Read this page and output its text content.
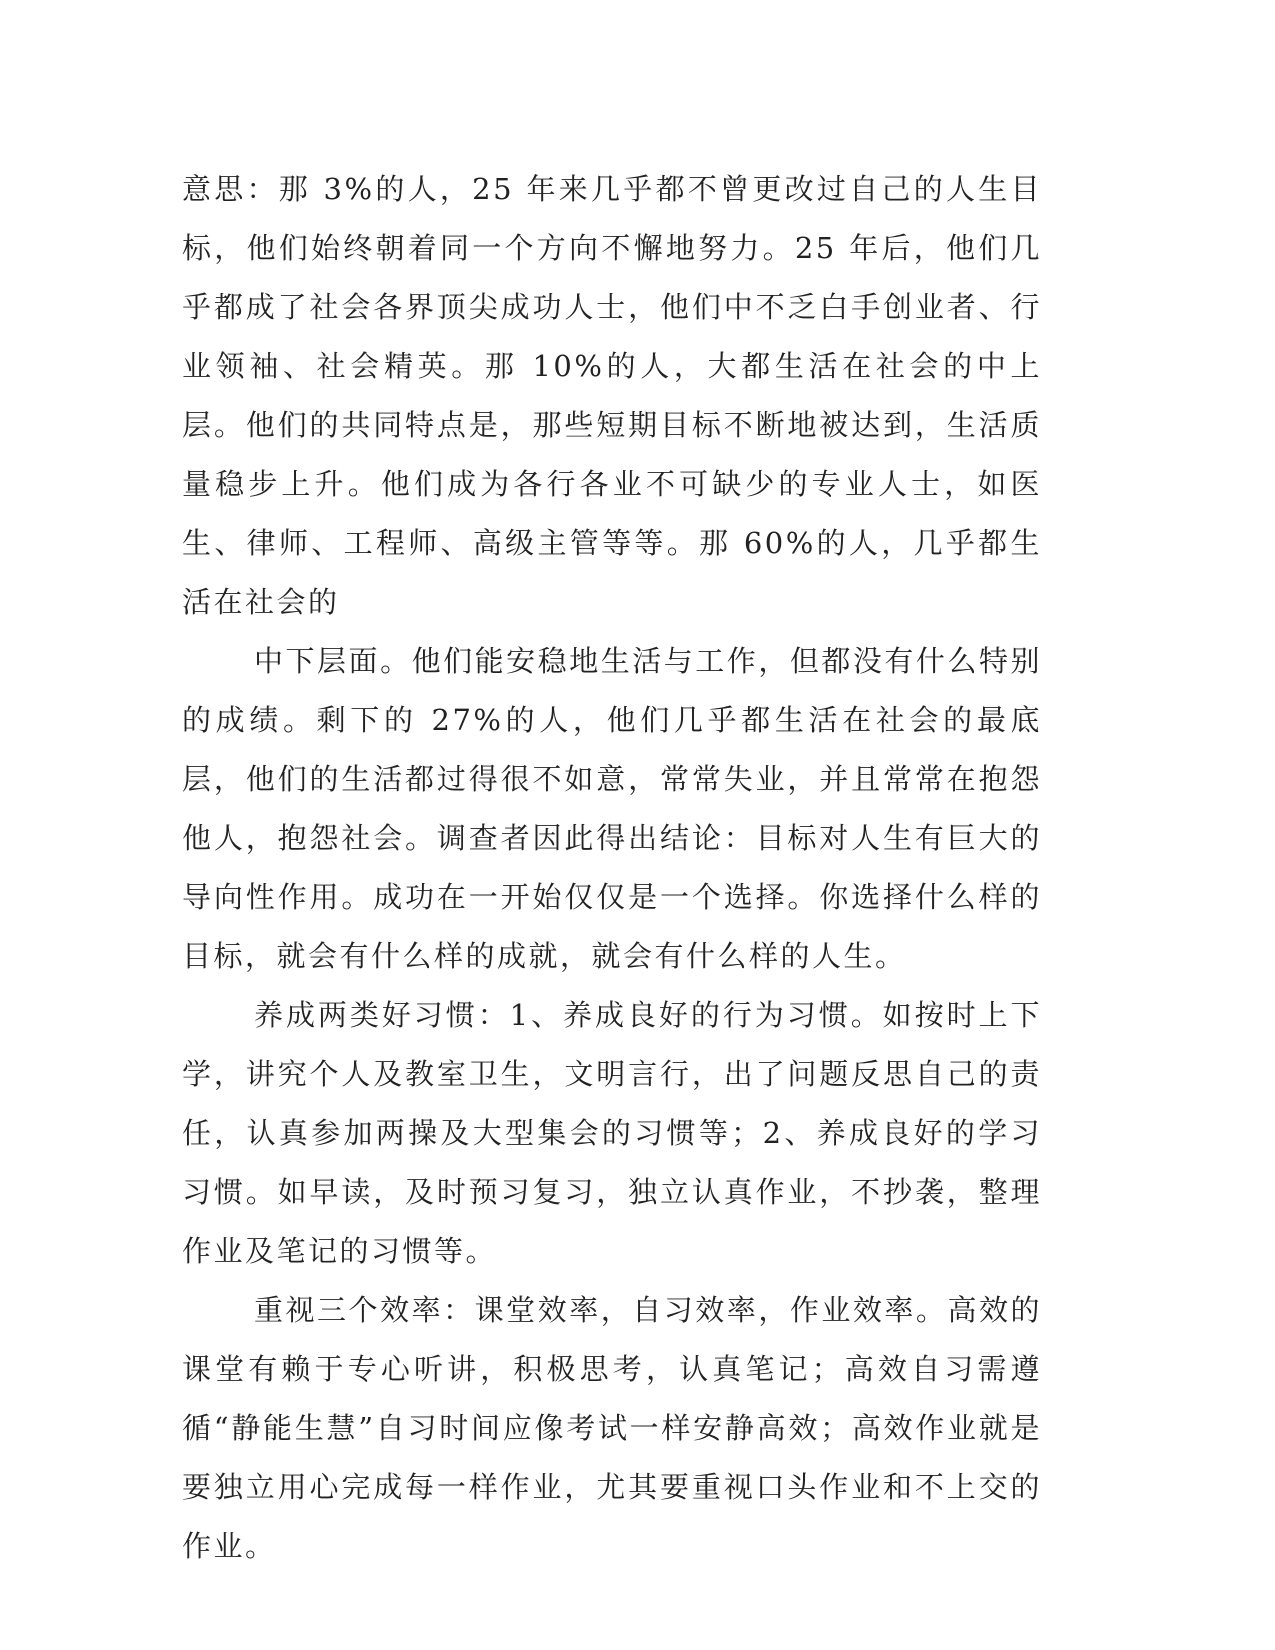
意思：那 3%的人，25 年来几乎都不曾更改过自己的人生目标，他们始终朝着同一个方向不懈地努力。25 年后，他们几乎都成了社会各界顶尖成功人士，他们中不乏白手创业者、行业领袖、社会精英。那 10%的人，大都生活在社会的中上层。他们的共同特点是，那些短期目标不断地被达到，生活质量稳步上升。他们成为各行各业不可缺少的专业人士，如医生、律师、工程师、高级主管等等。那 60%的人，几乎都生活在社会的

中下层面。他们能安稳地生活与工作，但都没有什么特别的成绩。剩下的 27%的人，他们几乎都生活在社会的最底层，他们的生活都过得很不如意，常常失业，并且常常在抱怨他人，抱怨社会。调查者因此得出结论：目标对人生有巨大的导向性作用。成功在一开始仅仅是一个选择。你选择什么样的目标，就会有什么样的成就，就会有什么样的人生。

养成两类好习惯：1、养成良好的行为习惯。如按时上下学，讲究个人及教室卫生，文明言行，出了问题反思自己的责任，认真参加两操及大型集会的习惯等；2、养成良好的学习习惯。如早读，及时预习复习，独立认真作业，不抄袭，整理作业及笔记的习惯等。

重视三个效率：课堂效率，自习效率，作业效率。高效的课堂有赖于专心听讲，积极思考，认真笔记；高效自习需遵循“静能生慧”自习时间应像考试一样安静高效；高效作业就是要独立用心完成每一样作业，尤其要重视口头作业和不上交的作业。
